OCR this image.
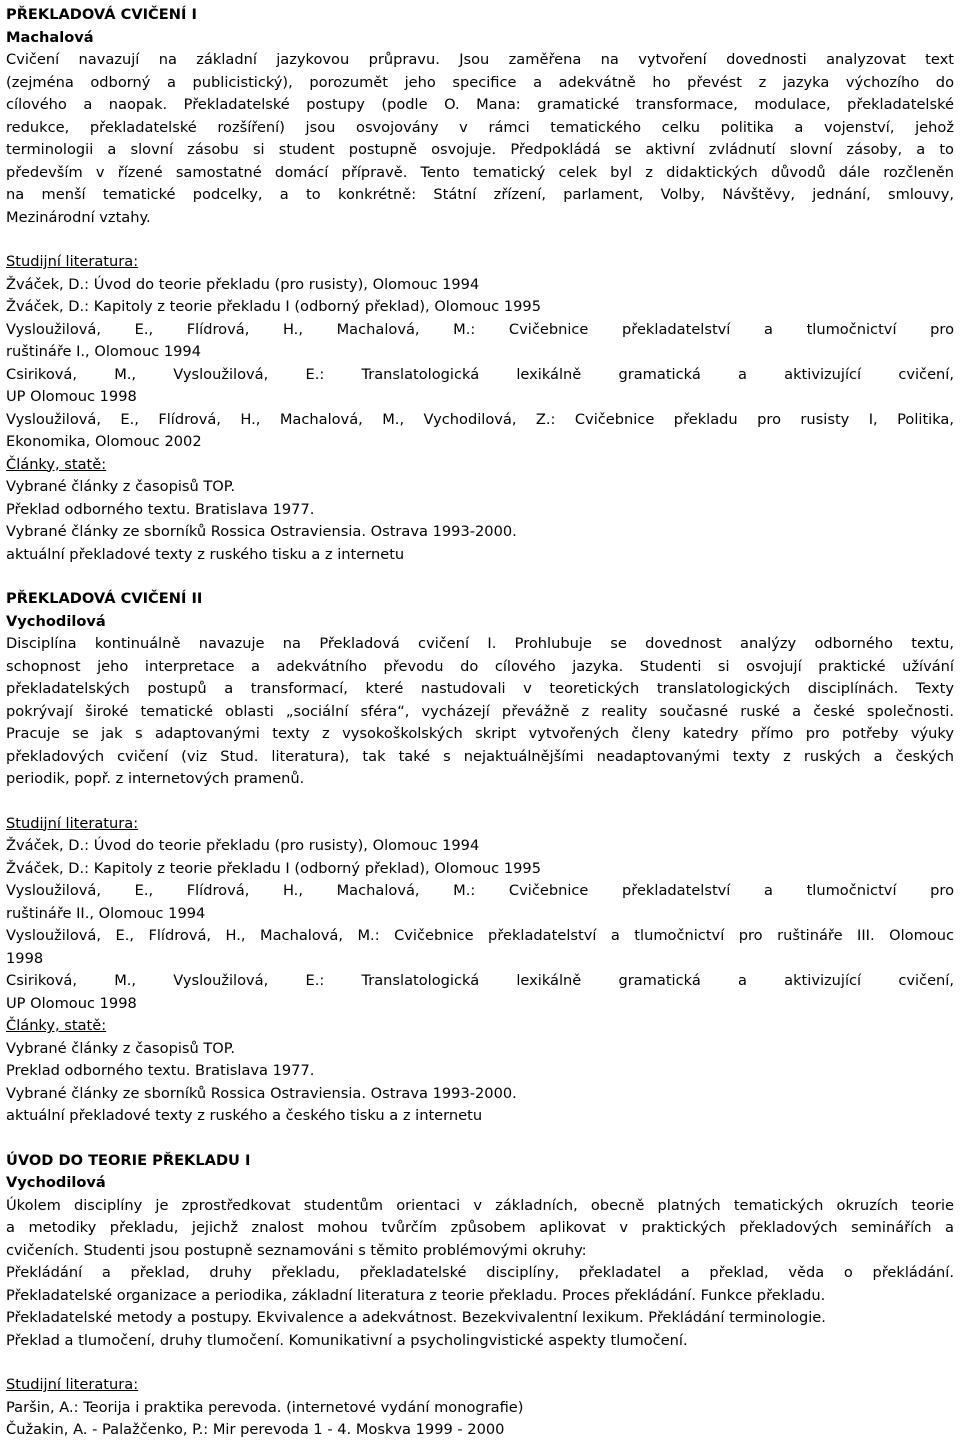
PŘEKLADOVÁ CVIČENÍ I
Machalová
Cvičení navazují na základní jazykovou průpravu. Jsou zaměřena na vytvoření dovednosti analyzovat text
(zejména odborný a publicistický), porozumět jeho specifice a adekvátně ho převést z jazyka výchozího do
cílového a naopak. Překladatelské postupy (podle O. Mana: gramatické transformace, modulace, překladatelské
redukce, překladatelské rozšíření) jsou osvojovány v rámci tematického celku politika a vojenství, jehož
terminologii a slovní zásobu si student postupně osvojuje. Předpokládá se aktivní zvládnutí slovní zásoby, a to
především v řízené samostatné domácí přípravě. Tento tematický celek byl z didaktických důvodů dále rozčleněn
na menší tematické podcelky, a to konkrétně: Státní zřízení, parlament, Volby, Návštěvy, jednání, smlouvy,
Mezinárodní vztahy.
Studijní literatura:
Žváček, D.: Úvod do teorie překladu (pro rusisty), Olomouc 1994
Žváček, D.: Kapitoly z teorie překladu I (odborný překlad), Olomouc 1995
Vysloužilová, E., Flídrová, H., Machalová, M.: Cvičebnice překladatelství a tlumočnictví pro
ruštináře I., Olomouc 1994
Csiriková, M., Vysloužilová, E.: Translatologická lexikálně gramatická a aktivizující cvičení,
UP Olomouc 1998
Vysloužilová, E., Flídrová, H., Machalová, M., Vychodilová, Z.: Cvičebnice překladu pro rusisty I, Politika,
Ekonomika, Olomouc 2002
Články, statě:
Vybrané články z časopisů TOP.
Překlad odborného textu. Bratislava 1977.
Vybrané články ze sborníků Rossica Ostraviensia. Ostrava 1993-2000.
aktuální překladové texty z ruského tisku a z internetu
PŘEKLADOVÁ CVIČENÍ II
Vychodilová
Disciplína kontinuálně navazuje na Překladová cvičení I. Prohlubuje se dovednost analýzy odborného textu,
schopnost jeho interpretace a adekvátního převodu do cílového jazyka. Studenti si osvojují praktické užívání
překladatelských postupů a transformací, které nastudovali v teoretických translatologických disciplínách. Texty
pokrývají široké tematické oblasti „sociální sféra“, vycházejí převážně z reality současné ruské a české společnosti.
Pracuje se jak s adaptovanými texty z vysokoškolských skript vytvořených členy katedry přímo pro potřeby výuky
překladových cvičení (viz Stud. literatura), tak také s nejaktuálnějšími neadaptovanými texty z ruských a českých
periodik, popř. z internetových pramenů.
Studijní literatura:
Žváček, D.: Úvod do teorie překladu (pro rusisty), Olomouc 1994
Žváček, D.: Kapitoly z teorie překladu I (odborný překlad), Olomouc 1995
Vysloužilová, E., Flídrová, H., Machalová, M.: Cvičebnice překladatelství a tlumočnictví pro
ruštináře II., Olomouc 1994
Vysloužilová, E., Flídrová, H., Machalová, M.: Cvičebnice překladatelství a tlumočnictví pro ruštináře III. Olomouc
1998
Csiriková, M., Vysloužilová, E.: Translatologická lexikálně gramatická a aktivizující cvičení,
UP Olomouc 1998
Články, statě:
Vybrané články z časopisů TOP.
Preklad odborného textu. Bratislava 1977.
Vybrané články ze sborníků Rossica Ostraviensia. Ostrava 1993-2000.
aktuální překladové texty z ruského a českého tisku a z internetu
ÚVOD DO TEORIE PŘEKLADU I
Vychodilová
Úkolem disciplíny je zprostředkovat studentům orientaci v základních, obecně platných tematických okruzích teorie
a metodiky překladu, jejichž znalost mohou tvůrčím způsobem aplikovat v praktických překladových seminářích a
cvičeních. Studenti jsou postupně seznamováni s těmito problémovými okruhy:
Překládání a překlad, druhy překladu, překladatelské disciplíny, překladatel a překlad, věda o překládání.
Překladatelské organizace a periodika, základní literatura z teorie překladu. Proces překládání. Funkce překladu.
Překladatelské metody a postupy. Ekvivalence a adekvátnost. Bezekvivalentní lexikum. Překládání terminologie.
Překlad a tlumočení, druhy tlumočení. Komunikativní a psycholingvistické aspekty tlumočení.
Studijní literatura:
Paršin, A.: Teorija i praktika perevoda. (internetové vydání monografie)
Čužakin, A. - Palažčenko, P.: Mir perevoda 1 - 4. Moskva 1999 - 2000
